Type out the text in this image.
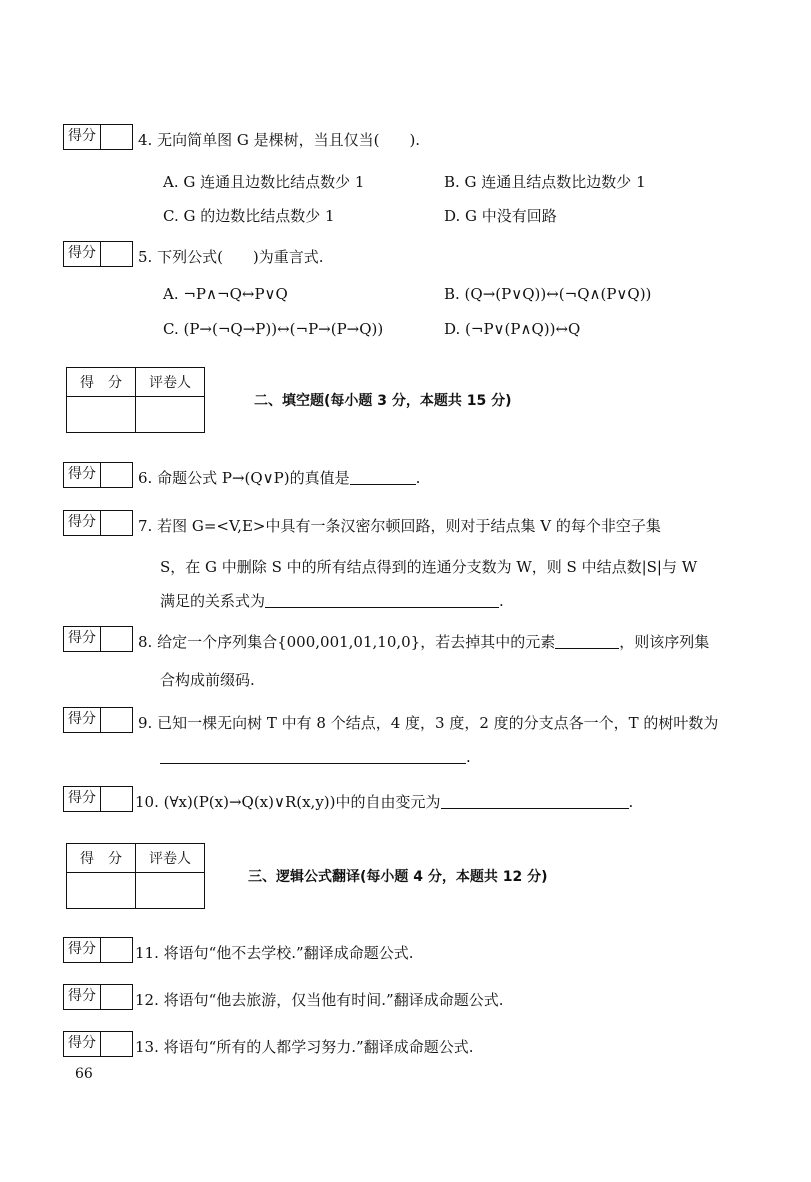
得分	4. 无向简单图 G 是棵树，当且仅当(　　).
A. G 连通且边数比结点数少 1	B. G 连通且结点数比边数少 1
C. G 的边数比结点数少 1	D. G 中没有回路
得分	5. 下列公式(　　)为重言式.
A. ¬P∧¬Q↔P∨Q	B. (Q→(P∨Q))↔(¬Q∧(P∨Q))
C. (P→(¬Q→P))↔(¬P→(P→Q))	D. (¬P∨(P∧Q))↔Q
得　分	评卷人

二、填空题(每小题 3 分，本题共 15 分)
得分	6. 命题公式 P→(Q∨P)的真值是	.
得分	7. 若图 G=<V,E>中具有一条汉密尔顿回路，则对于结点集 V 的每个非空子集
S，在 G 中删除 S 中的所有结点得到的连通分支数为 W，则 S 中结点数|S|与 W
满足的关系式为	.
得分	8. 给定一个序列集合{000,001,01,10,0}，若去掉其中的元素	，则该序列集
合构成前缀码.
得分	9. 已知一棵无向树 T 中有 8 个结点，4 度，3 度，2 度的分支点各一个，T 的树叶数为
.
得分	10. (∀x)(P(x)→Q(x)∨R(x,y))中的自由变元为	.
得　分	评卷人

三、逻辑公式翻译(每小题 4 分，本题共 12 分)
得分	11. 将语句“他不去学校.”翻译成命题公式.
得分	12. 将语句“他去旅游，仅当他有时间.”翻译成命题公式.
得分	13. 将语句“所有的人都学习努力.”翻译成命题公式.
66
